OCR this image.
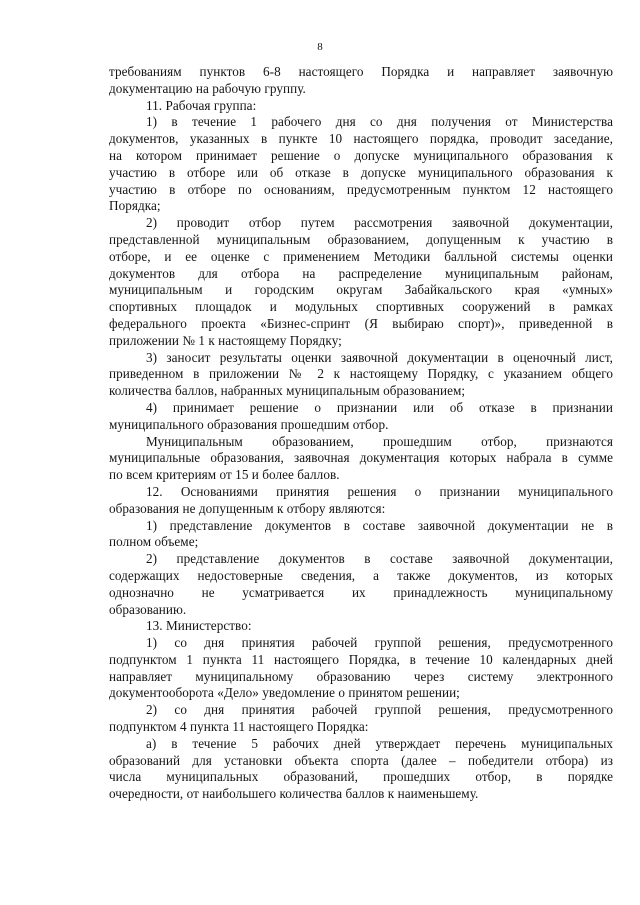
8
требованиям пунктов 6-8 настоящего Порядка и направляет заявочную
документацию на рабочую группу.
11. Рабочая группа:
1) в течение 1 рабочего дня со дня получения от Министерства
документов, указанных в пункте 10 настоящего порядка, проводит заседание,
на котором принимает решение о допуске муниципального образования к
участию в отборе или об отказе в допуске муниципального образования к
участию в отборе по основаниям, предусмотренным пунктом 12 настоящего
Порядка;
2) проводит отбор путем рассмотрения заявочной документации,
представленной муниципальным образованием, допущенным к участию в
отборе, и ее оценке с применением Методики балльной системы оценки
документов для отбора на распределение муниципальным районам,
муниципальным и городским округам Забайкальского края «умных»
спортивных площадок и модульных спортивных сооружений в рамках
федерального проекта «Бизнес-спринт (Я выбираю спорт)», приведенной в
приложении № 1 к настоящему Порядку;
3) заносит результаты оценки заявочной документации в оценочный лист,
приведенном в приложении № 2 к настоящему Порядку, с указанием общего
количества баллов, набранных муниципальным образованием;
4) принимает решение о признании или об отказе в признании
муниципального образования прошедшим отбор.
Муниципальным образованием, прошедшим отбор, признаются
муниципальные образования, заявочная документация которых набрала в сумме
по всем критериям от 15 и более баллов.
12. Основаниями принятия решения о признании муниципального
образования не допущенным к отбору являются:
1) представление документов в составе заявочной документации не в
полном объеме;
2) представление документов в составе заявочной документации,
содержащих недостоверные сведения, а также документов, из которых
однозначно не усматривается их принадлежность муниципальному
образованию.
13. Министерство:
1) со дня принятия рабочей группой решения, предусмотренного
подпунктом 1 пункта 11 настоящего Порядка, в течение 10 календарных дней
направляет муниципальному образованию через систему электронного
документооборота «Дело» уведомление о принятом решении;
2) со дня принятия рабочей группой решения, предусмотренного
подпунктом 4 пункта 11 настоящего Порядка:
а) в течение 5 рабочих дней утверждает перечень муниципальных
образований для установки объекта спорта (далее – победители отбора) из
числа муниципальных образований, прошедших отбор, в порядке
очередности, от наибольшего количества баллов к наименьшему.
